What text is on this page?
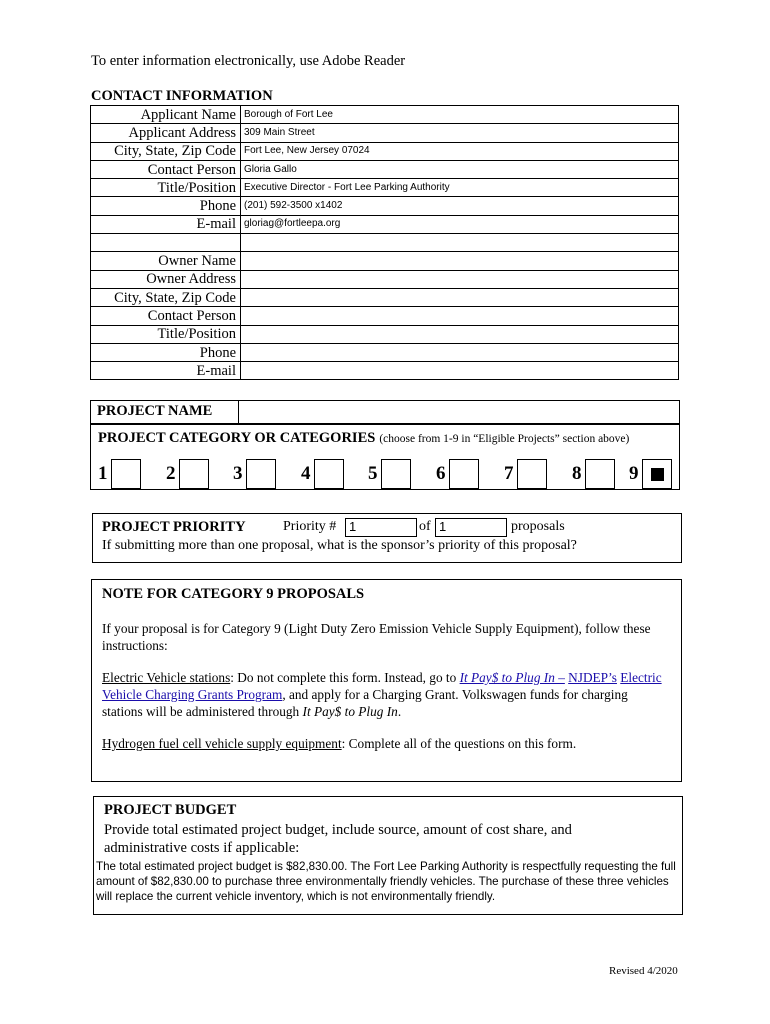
To enter information electronically, use Adobe Reader
CONTACT INFORMATION
Applicant Name	Borough of Fort Lee
Applicant Address	309 Main Street
City, State, Zip Code	Fort Lee, New Jersey 07024
Contact Person	Gloria Gallo
Title/Position	Executive Director - Fort Lee Parking Authority
Phone	(201) 592-3500 x1402
E-mail	gloriag@fortleepa.org

Owner Name	
Owner Address	
City, State, Zip Code	
Contact Person	
Title/Position	
Phone	
E-mail	
PROJECT NAME
PROJECT CATEGORY OR CATEGORIES (choose from 1-9 in “Eligible Projects” section above)
1	2	3	4	5	6	7	8	9
PROJECT PRIORITY	Priority # 1	of 1	proposals
If submitting more than one proposal, what is the sponsor’s priority of this proposal?
NOTE FOR CATEGORY 9 PROPOSALS
If your proposal is for Category 9 (Light Duty Zero Emission Vehicle Supply Equipment), follow these instructions:
Electric Vehicle stations: Do not complete this form. Instead, go to It Pay$ to Plug In – NJDEP’s Electric Vehicle Charging Grants Program, and apply for a Charging Grant. Volkswagen funds for charging stations will be administered through It Pay$ to Plug In.
Hydrogen fuel cell vehicle supply equipment: Complete all of the questions on this form.
PROJECT BUDGET
Provide total estimated project budget, include source, amount of cost share, and administrative costs if applicable:
The total estimated project budget is $82,830.00. The Fort Lee Parking Authority is respectfully requesting the full amount of $82,830.00 to purchase three environmentally friendly vehicles. The purchase of these three vehicles will replace the current vehicle inventory, which is not environmentally friendly.
Revised 4/2020
